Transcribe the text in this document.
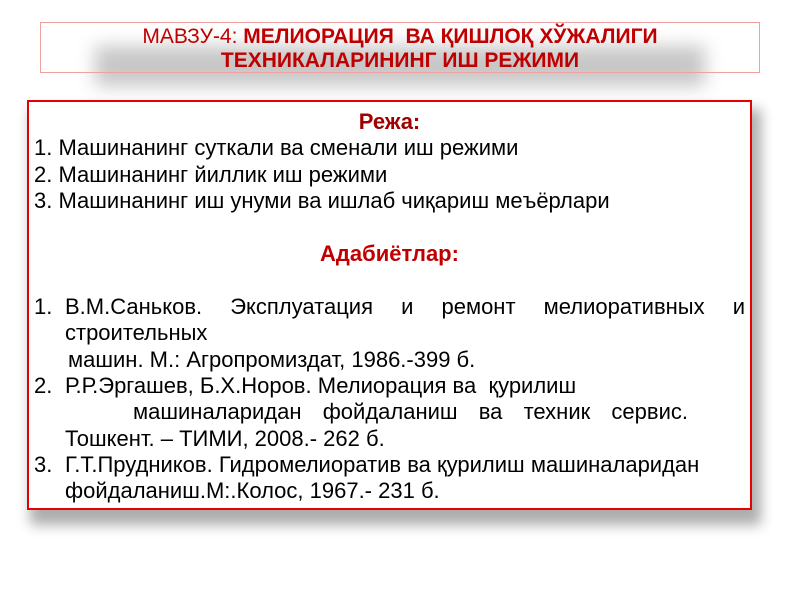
МАВЗУ-4: МЕЛИОРАЦИЯ  ВА ҚИШЛОҚ ХЎЖАЛИГИ
ТЕХНИКАЛАРИНИНГ ИШ РЕЖИМИ
Режа:
1. Машинанинг суткали ва сменали иш режими
2. Машинанинг йиллик иш режими
3. Машинанинг иш унуми ва ишлаб чиқариш меъёрлари
Адабиётлар:
1. В.М.Саньков. Эксплуатация и ремонт мелиоративных и
строительных
машин. М.: Агропромиздат, 1986.-399 б.
2. Р.Р.Эргашев, Б.Х.Норов. Мелиорация ва  қурилиш
машиналаридан фойдаланиш ва техник сервис.
Тошкент. – ТИМИ, 2008.- 262 б.
3. Г.Т.Прудников. Гидромелиоратив ва қурилиш машиналаридан
фойдаланиш.М:.Колос, 1967.- 231 б.
